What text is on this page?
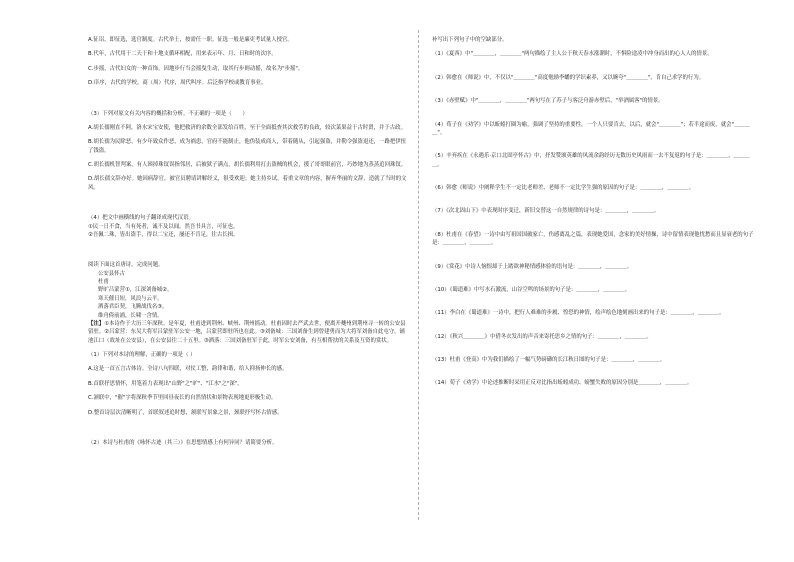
A.征诏，即征选，选官制度。古代举士，按需任一职。征选一般是廉吏考试量人授官。
B.代年，古代用干二天干和十地支循环相配，用来表示年、月、日和时的次序。
C.步摇，古代妇女的一种首饰。因地步行当会摇曳生动，取其行步则动摇，故名为"步摇"。
D.庠序，古代的学校。商（周）代序，周代叫序。后泛指学校或教育事业。
（3）下列对原文有关内容的概括和分析，不正确的一项是（　　）
A.胡长孺刚直不阿，洛水宋宝安使，他把救济的余数全部发给百姓，至于全面抵查其次救劳的良政，较次菜果益于古时贤，并于古政。
B.胡长孺为民除恶。有少年致众作恶，成为祸患，官府不能制止，他伪装成商人，带着随从，引起强盗，并勒令强盗退还，一路把伊扭了钱盗。
C.胡长孺机智判案，有人困掉珠钗误指邻居，后被狱子满点，胡长孺利用打击盗贼的机会，援了哥哥眼前官，巧妙地为蒸蒸追回珠钗。
D.胡长孺文辞亦好。她因病辞官，被官员聘请讲解经义，很受欢迎；她主持乡试，着重文章的内容，摒弃华丽的文辞，造就了当时的文风。
（4）把文中画横线的句子翻译成现代汉语。
①民一日不食，当有死者，诚不及以闻，然吾书具言，可征也。
②吾佩二珠，皆出盗手，得以二宝还，屡还不肯足，往古长揖。
阅读下面这首唐诗，完成问题。
公安县怀古
杜甫
野旷吕蒙营①，江深刘备城②。
寒天催日短，风浪与云平。
洒落君臣契，飞腾战伐名③。
维舟倚前浦，长啸一含情。
【注】①本诗作于大历三年深秋。是年夏，杜甫进到荆州、峡州、荆州摇动。杜甫因时去严武去世，便离开夔州到荆州寻一转的公安县留驻。②吕蒙营：东吴大将军吕蒙驻军公安一地，吕蒙营即驻所也在此。③刘备城：三国刘备生到曾建勇而为大将军刘备自此屯守，铺池江口（故址在公安县），在公安县往二十五里。③洒落：三国刘备驻军于此，时军公安刘备，有互相帮扶的关系及互资的赏状。
（1）下列对本诗的理解，正确的一项是（ ）
A.这是一首五言古体诗。全诗八句四联，对仗工整，韵律和谐，给人抑扬伸长的感。
B.首联抒思情怀，用笔着力表现出"山野"之"旷"、"江水"之"深"。
C.颔联中，"催"字将深秋季节里回昼夜长的自然情状和景物表现地更形极生动。
D.整首诗层次清晰明了，首联叙述追时想，颔联写景象之景，颈联抒写怀古情感。
（2）本诗与杜甫的《咏怀古迹（其三）》在思想情感上有何异同？请简要分析。
补写出下列句子中的空缺部分。
（1）《夏西》中"＿＿＿＿，＿＿＿＿"两句描绘了主人公于秋天春水涨潮时，不惧险途凌中冲身而出的心人人的情景。
（2）韩愈在《师说》中，不仅以"＿＿＿＿"高度勉励李蟠的学识素养，又以婉夸"＿＿＿＿"，肯自己求学的行为。
（3）《赤壁赋》中"＿＿＿＿，＿＿＿＿"两句写在了苏子与客泛舟游赤壁后，"举酒属客"的情景。
（4）荀子在《劝学》中以蚯蚓打圈为喻，强调了坚持的重要性，一个人只要肯去，以后，就会"＿＿＿＿"；若半途而废，就会"＿＿＿＿"。
（5）辛弃疾在《永遇乐·京口北固亭怀古》中，抒发赞颂英雄的风流余韵经历无数历史风雨而一去不复返的句子是：＿＿＿＿，＿＿＿＿。
（6）韩愈《师说》中阐释学生不一定比老师差、老师不一定比学生强的原因的句子是：＿＿＿＿，＿＿＿＿。
（7）《次北固山下》中表现时序变迁，新旧交替这一自然规律的诗句是：＿＿＿＿，＿＿＿＿。
（8）杜甫在《春望》一诗中由写祖国国破家亡，伤感离乱之篇，表现她爱国，念家的美好情操，诗中留情表现他忧愁而且显衰老的句子是：＿＿＿＿，＿＿＿＿。
（9）《赏花》中诗人恼恨却于上踏欲神秘情感体验的语句是：＿＿＿＿，＿＿＿＿。
（10）《蜀道难》中写水石激流，山谷空鸣的场景的句子是：＿＿＿＿，＿＿＿＿。
（11）李白在《蜀道难》一诗中，把行人难难的步履、惶恐的神情，绘声绘色地刻画出来的句子是：＿＿＿＿，＿＿＿＿。
（12）《秋兴＿＿＿＿》中借冬衣发出的声音来寄托思乡之情的句子：＿＿＿＿，＿＿＿＿。
（13）杜甫《登高》中为我们描绘了一幅气势磅礴的长江秋日图的句子是：＿＿＿＿，＿＿＿＿。
（14）荀子《劝学》中论述推断时采用正反对比指出蚯蚓成功、螃蟹失败的原因分别是＿＿＿＿，＿＿＿＿。
